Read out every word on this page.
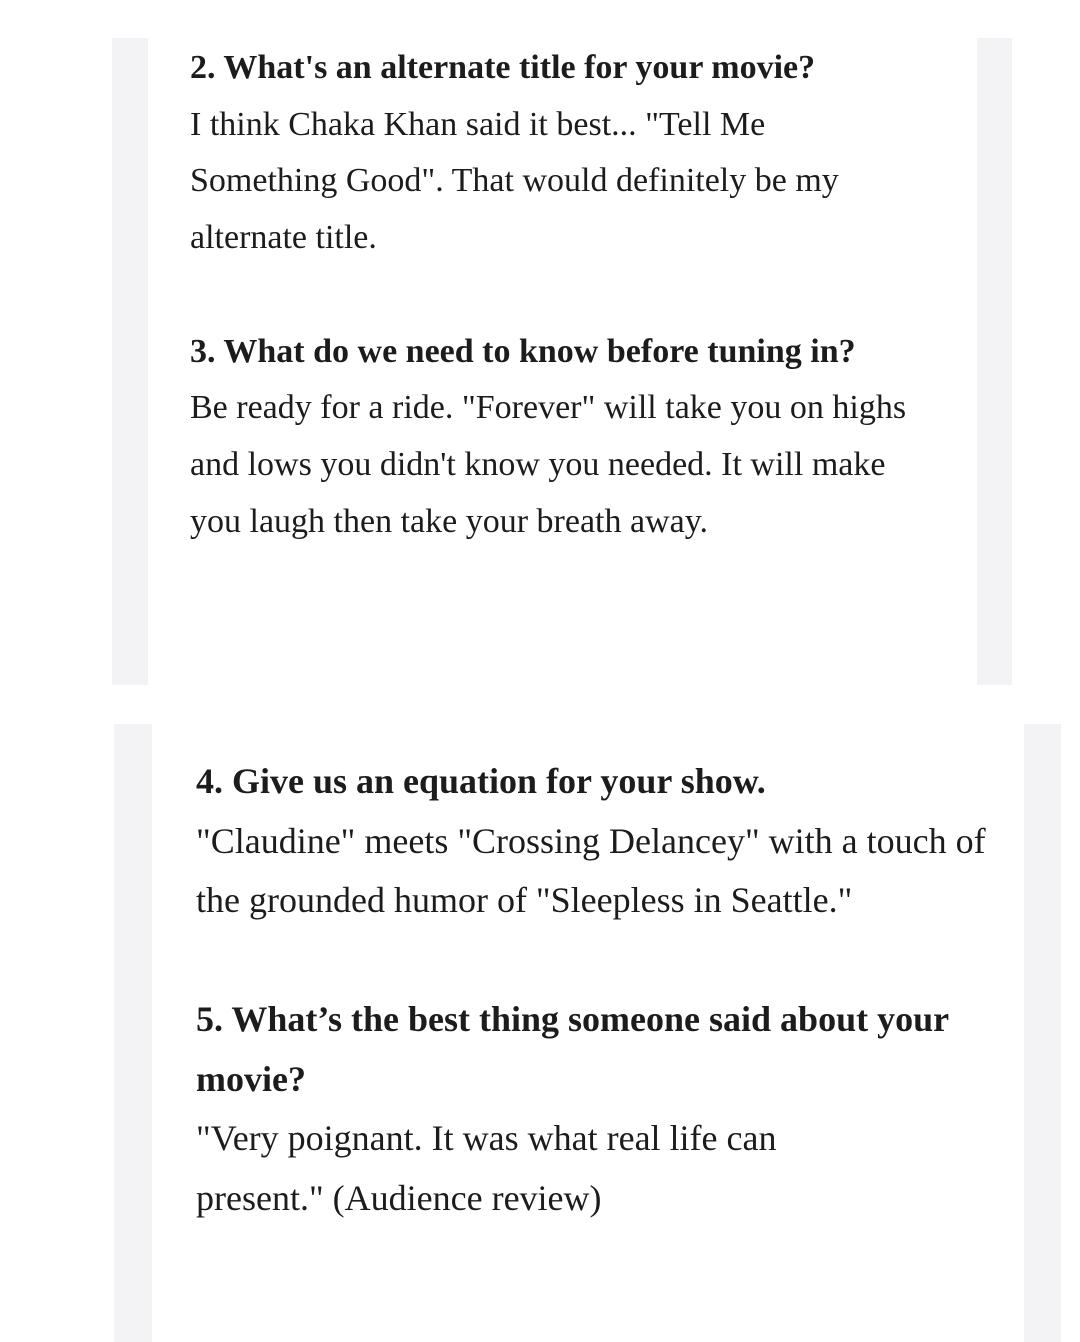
2. What's an alternate title for your movie?

I think Chaka Khan said it best... "Tell Me Something Good". That would definitely be my alternate title.

3. What do we need to know before tuning in?

Be ready for a ride. "Forever" will take you on highs and lows you didn't know you needed. It will make you laugh then take your breath away.

4. Give us an equation for your show.

"Claudine" meets "Crossing Delancey" with a touch of the grounded humor of "Sleepless in Seattle."

5. What’s the best thing someone said about your movie?

"Very poignant. It was what real life can present." (Audience review)
